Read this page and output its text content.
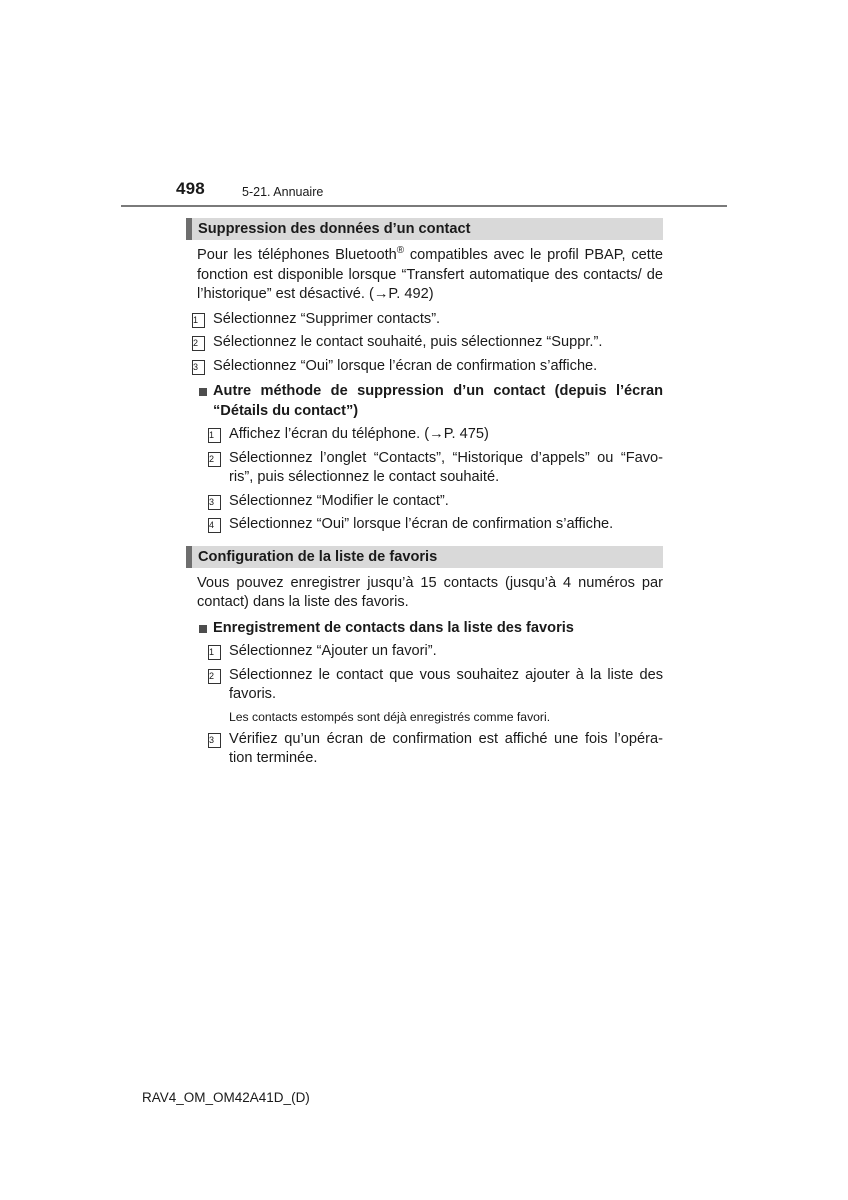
498	5-21. Annuaire
Suppression des données d’un contact
Pour les téléphones Bluetooth® compatibles avec le profil PBAP, cette fonction est disponible lorsque “Transfert automatique des contacts/ de l’historique” est désactivé. (→P. 492)
1	Sélectionnez “Supprimer contacts”.
2	Sélectionnez le contact souhaité, puis sélectionnez “Suppr.”.
3	Sélectionnez “Oui” lorsque l’écran de confirmation s’affiche.
Autre méthode de suppression d’un contact (depuis l’écran “Détails du contact”)
1	Affichez l’écran du téléphone. (→P. 475)
2	Sélectionnez l’onglet “Contacts”, “Historique d’appels” ou “Favo-ris”, puis sélectionnez le contact souhaité.
3	Sélectionnez “Modifier le contact”.
4	Sélectionnez “Oui” lorsque l’écran de confirmation s’affiche.
Configuration de la liste de favoris
Vous pouvez enregistrer jusqu’à 15 contacts (jusqu’à 4 numéros par contact) dans la liste des favoris.
Enregistrement de contacts dans la liste des favoris
1	Sélectionnez “Ajouter un favori”.
2	Sélectionnez le contact que vous souhaitez ajouter à la liste des favoris.
Les contacts estompés sont déjà enregistrés comme favori.
3	Vérifiez qu’un écran de confirmation est affiché une fois l’opéra-tion terminée.
RAV4_OM_OM42A41D_(D)
